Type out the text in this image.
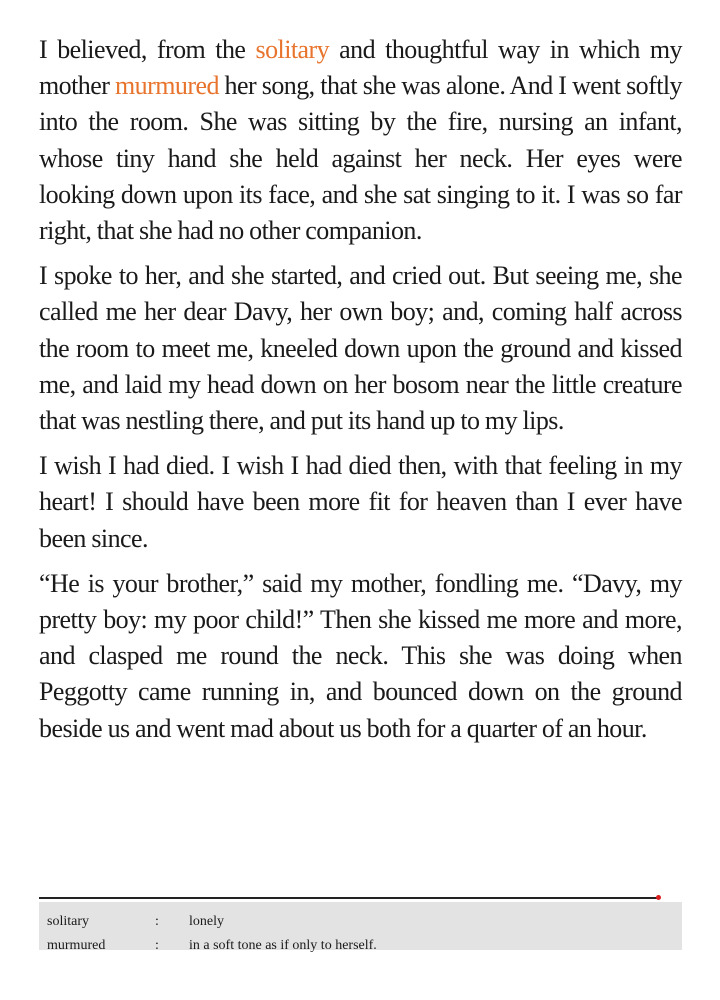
I believed, from the solitary and thoughtful way in which my mother murmured her song, that she was alone. And I went softly into the room. She was sitting by the fire, nursing an infant, whose tiny hand she held against her neck. Her eyes were looking down upon its face, and she sat singing to it. I was so far right, that she had no other companion.

I spoke to her, and she started, and cried out. But seeing me, she called me her dear Davy, her own boy; and, coming half across the room to meet me, kneeled down upon the ground and kissed me, and laid my head down on her bosom near the little creature that was nestling there, and put its hand up to my lips.

I wish I had died. I wish I had died then, with that feeling in my heart! I should have been more fit for heaven than I ever have been since.

“He is your brother,” said my mother, fondling me. “Davy, my pretty boy: my poor child!” Then she kissed me more and more, and clasped me round the neck. This she was doing when Peggotty came running in, and bounced down on the ground beside us and went mad about us both for a quarter of an hour.

solitary	:	lonely
murmured	:	in a soft tone as if only to herself.
